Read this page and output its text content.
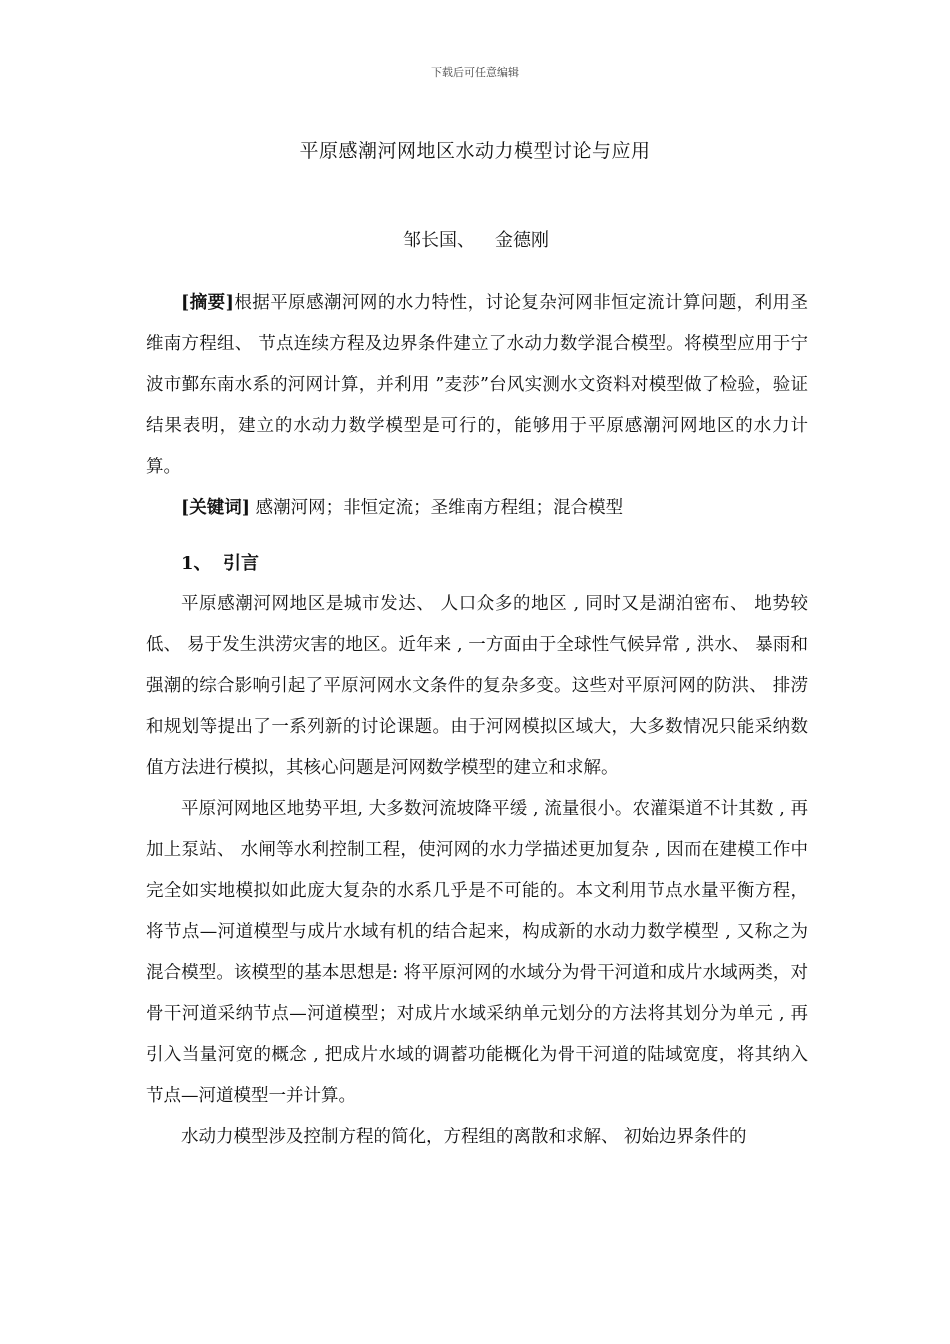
下载后可任意编辑
平原感潮河网地区水动力模型讨论与应用
邹长国、 金德刚

[摘要]根据平原感潮河网的水力特性，讨论复杂河网非恒定流计算问题，利用圣维南方程组、 节点连续方程及边界条件建立了水动力数学混合模型。将模型应用于宁波市鄞东南水系的河网计算，并利用 ”麦莎”台风实测水文资料对模型做了检验，验证结果表明，建立的水动力数学模型是可行的，能够用于平原感潮河网地区的水力计算。

[关键词] 感潮河网；非恒定流；圣维南方程组；混合模型

1、 引言

平原感潮河网地区是城市发达、 人口众多的地区 , 同时又是湖泊密布、 地势较低、 易于发生洪涝灾害的地区。近年来 , 一方面由于全球性气候异常 , 洪水、 暴雨和强潮的综合影响引起了平原河网水文条件的复杂多变。这些对平原河网的防洪、 排涝和规划等提出了一系列新的讨论课题。由于河网模拟区域大，大多数情况只能采纳数值方法进行模拟，其核心问题是河网数学模型的建立和求解。

平原河网地区地势平坦, 大多数河流坡降平缓 , 流量很小。农灌渠道不计其数 , 再加上泵站、 水闸等水利控制工程，使河网的水力学描述更加复杂 , 因而在建模工作中完全如实地模拟如此庞大复杂的水系几乎是不可能的。本文利用节点水量平衡方程，将节点—河道模型与成片水域有机的结合起来，构成新的水动力数学模型 , 又称之为混合模型。该模型的基本思想是: 将平原河网的水域分为骨干河道和成片水域两类，对骨干河道采纳节点—河道模型；对成片水域采纳单元划分的方法将其划分为单元 , 再引入当量河宽的概念 , 把成片水域的调蓄功能概化为骨干河道的陆域宽度，将其纳入节点—河道模型一并计算。

水动力模型涉及控制方程的简化，方程组的离散和求解、 初始边界条件的
